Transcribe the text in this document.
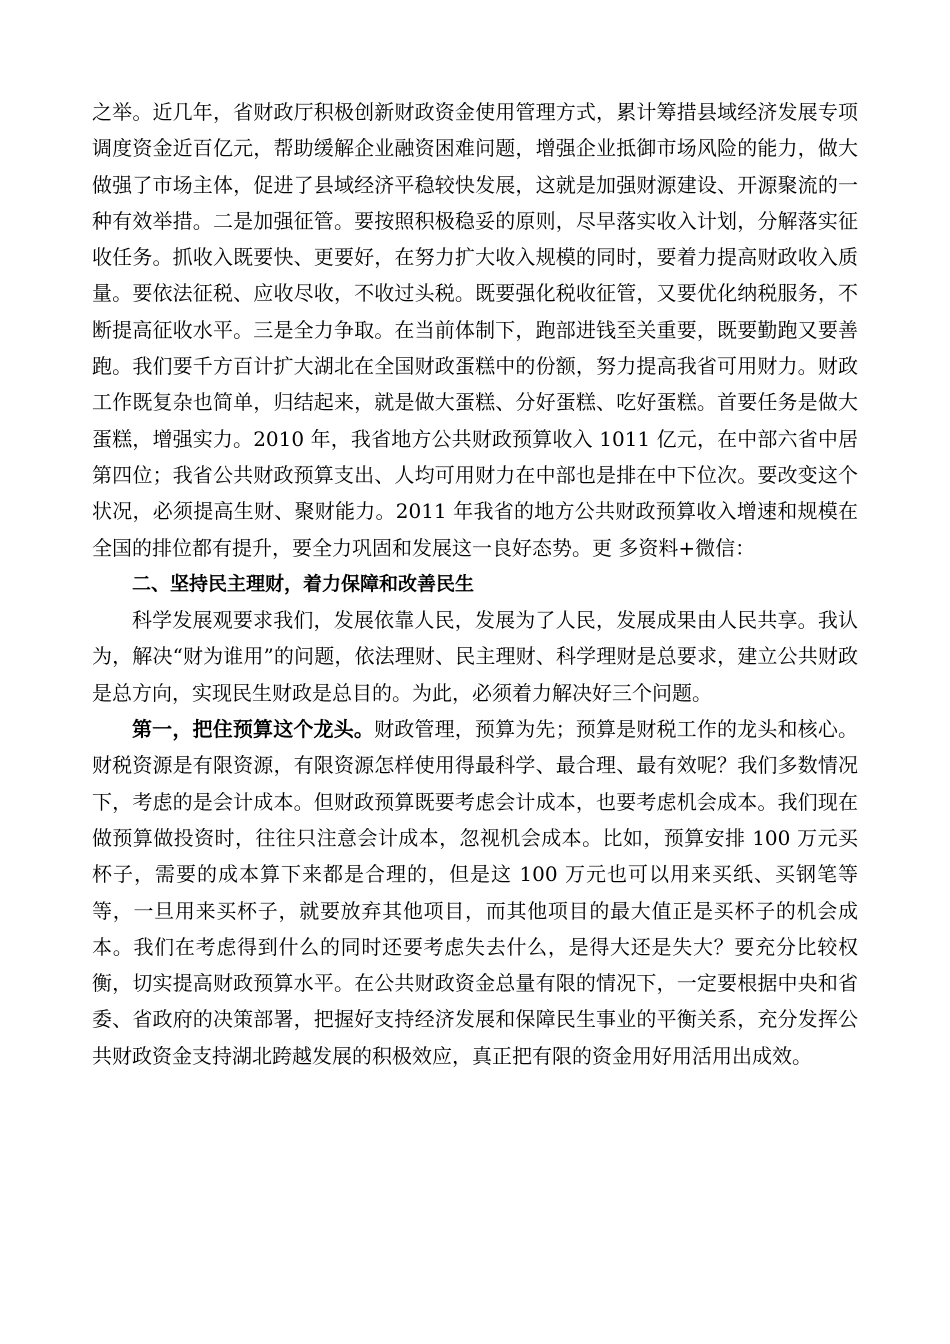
之举。近几年，省财政厅积极创新财政资金使用管理方式，累计筹措县域经济发展专项调度资金近百亿元，帮助缓解企业融资困难问题，增强企业抵御市场风险的能力，做大做强了市场主体，促进了县域经济平稳较快发展，这就是加强财源建设、开源聚流的一种有效举措。二是加强征管。要按照积极稳妥的原则，尽早落实收入计划，分解落实征收任务。抓收入既要快、更要好，在努力扩大收入规模的同时，要着力提高财政收入质量。要依法征税、应收尽收，不收过头税。既要强化税收征管，又要优化纳税服务，不断提高征收水平。三是全力争取。在当前体制下，跑部进钱至关重要，既要勤跑又要善跑。我们要千方百计扩大湖北在全国财政蛋糕中的份额，努力提高我省可用财力。财政工作既复杂也简单，归结起来，就是做大蛋糕、分好蛋糕、吃好蛋糕。首要任务是做大蛋糕，增强实力。2010 年，我省地方公共财政预算收入 1011 亿元，在中部六省中居第四位；我省公共财政预算支出、人均可用财力在中部也是排在中下位次。要改变这个状况，必须提高生财、聚财能力。2011 年我省的地方公共财政预算收入增速和规模在全国的排位都有提升，要全力巩固和发展这一良好态势。更 多资料+微信：

二、坚持民主理财，着力保障和改善民生

科学发展观要求我们，发展依靠人民，发展为了人民，发展成果由人民共享。我认为，解决“财为谁用”的问题，依法理财、民主理财、科学理财是总要求，建立公共财政是总方向，实现民生财政是总目的。为此，必须着力解决好三个问题。

第一，把住预算这个龙头。财政管理，预算为先；预算是财税工作的龙头和核心。财税资源是有限资源，有限资源怎样使用得最科学、最合理、最有效呢？我们多数情况下，考虑的是会计成本。但财政预算既要考虑会计成本，也要考虑机会成本。我们现在做预算做投资时，往往只注意会计成本，忽视机会成本。比如，预算安排 100 万元买杯子，需要的成本算下来都是合理的，但是这 100 万元也可以用来买纸、买钢笔等等，一旦用来买杯子，就要放弃其他项目，而其他项目的最大值正是买杯子的机会成本。我们在考虑得到什么的同时还要考虑失去什么，是得大还是失大？要充分比较权衡，切实提高财政预算水平。在公共财政资金总量有限的情况下，一定要根据中央和省委、省政府的决策部署，把握好支持经济发展和保障民生事业的平衡关系，充分发挥公共财政资金支持湖北跨越发展的积极效应，真正把有限的资金用好用活用出成效。
